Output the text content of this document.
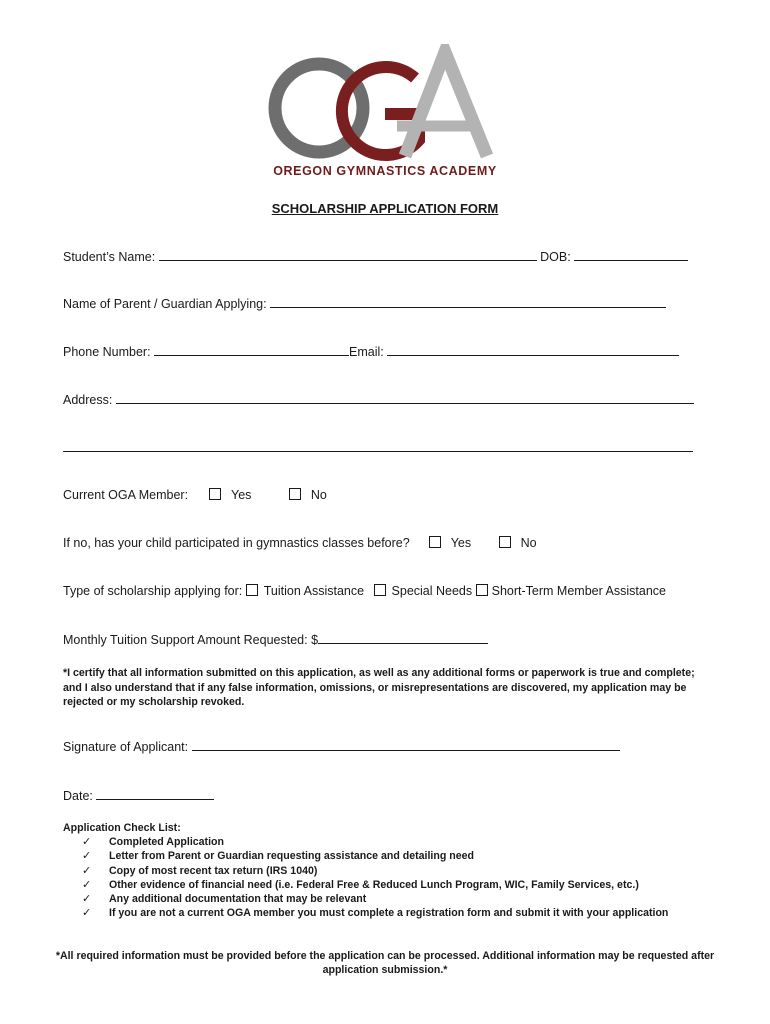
OREGON GYMNASTICS ACADEMY
SCHOLARSHIP APPLICATION FORM
Student’s Name:	DOB:
Name of Parent / Guardian Applying:
Phone Number:	Email:
Address:
Current OGA Member:	Yes	No
If no, has your child participated in gymnastics classes before?	Yes	No
Type of scholarship applying for: Tuition Assistance Special Needs Short-Term Member Assistance
Monthly Tuition Support Amount Requested: $
*I certify that all information submitted on this application, as well as any additional forms or paperwork is true and complete; and I also understand that if any false information, omissions, or misrepresentations are discovered, my application may be rejected or my scholarship revoked.
Signature of Applicant:
Date:
Application Check List:
✓ Completed Application
✓ Letter from Parent or Guardian requesting assistance and detailing need
✓ Copy of most recent tax return (IRS 1040)
✓ Other evidence of financial need (i.e. Federal Free & Reduced Lunch Program, WIC, Family Services, etc.)
✓ Any additional documentation that may be relevant
✓ If you are not a current OGA member you must complete a registration form and submit it with your application
*All required information must be provided before the application can be processed. Additional information may be requested after application submission.*
